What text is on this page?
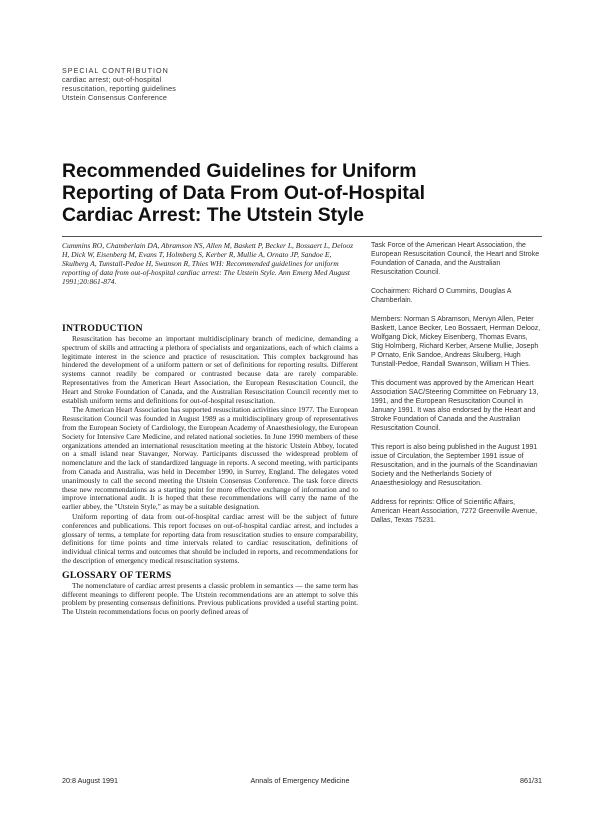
SPECIAL CONTRIBUTION
cardiac arrest; out-of-hospital
resuscitation, reporting guidelines
Utstein Consensus Conference
Recommended Guidelines for Uniform
Reporting of Data From Out-of-Hospital
Cardiac Arrest: The Utstein Style
Cummins RO, Chamberlain DA, Abramson NS, Allen M, Baskett P, Becker L, Bossaert L, Delooz H, Dick W, Eisenberg M, Evans T, Holmberg S, Kerber R, Mullie A, Ornato JP, Sandoe E, Skulberg A, Tunstall-Pedoe H, Swanson R, Thies WH: Recommended guidelines for uniform reporting of data from out-of-hospital cardiac arrest: The Utstein Style. Ann Emerg Med August 1991;20:861-874.
INTRODUCTION

Resuscitation has become an important multidisciplinary branch of medicine, demanding a spectrum of skills and attracting a plethora of specialists and organizations, each of which claims a legitimate interest in the science and practice of resuscitation. This complex background has hindered the development of a uniform pattern or set of definitions for reporting results. Different systems cannot readily be compared or contrasted because data are rarely comparable. Representatives from the American Heart Association, the European Resuscitation Council, the Heart and Stroke Foundation of Canada, and the Australian Resuscitation Council recently met to establish uniform terms and definitions for out-of-hospital resuscitation.

The American Heart Association has supported resuscitation activities since 1977. The European Resuscitation Council was founded in August 1989 as a multidisciplinary group of representatives from the European Society of Cardiology, the European Academy of Anaesthesiology, the European Society for Intensive Care Medicine, and related national societies. In June 1990 members of these organizations attended an international resuscitation meeting at the historic Utstein Abbey, located on a small island near Stavanger, Norway. Participants discussed the widespread problem of nomenclature and the lack of standardized language in reports. A second meeting, with participants from Canada and Australia, was held in December 1990, in Surrey, England. The delegates voted unanimously to call the second meeting the Utstein Consensus Conference. The task force directs these new recommendations as a starting point for more effective exchange of information and to improve international audit. It is hoped that these recommendations will carry the name of the earlier abbey, the "Utstein Style," as may be a suitable designation.

Uniform reporting of data from out-of-hospital cardiac arrest will be the subject of future conferences and publications. This report focuses on out-of-hospital cardiac arrest, and includes a glossary of terms, a template for reporting data from resuscitation studies to ensure comparability, definitions for time points and time intervals related to cardiac resuscitation, definitions of individual clinical terms and outcomes that should be included in reports, and recommendations for the description of emergency medical resuscitation systems.

GLOSSARY OF TERMS

The nomenclature of cardiac arrest presents a classic problem in semantics — the same term has different meanings to different people. The Utstein recommendations are an attempt to solve this problem by presenting consensus definitions. Previous publications provided a useful starting point. The Utstein recommendations focus on poorly defined areas of

Task Force of the American Heart Association, the European Resuscitation Council, the Heart and Stroke Foundation of Canada, and the Australian Resuscitation Council.

Cochairmen: Richard O Cummins, Douglas A Chamberlain.

Members: Norman S Abramson, Mervyn Allen, Peter Baskett, Lance Becker, Leo Bossaert, Herman Delooz, Wolfgang Dick, Mickey Eisenberg, Thomas Evans, Stig Holmberg, Richard Kerber, Arsene Mullie, Joseph P Ornato, Erik Sandoe, Andreas Skulberg, Hugh Tunstall-Pedoe, Randall Swanson, William H Thies.

This document was approved by the American Heart Association SAC/Steering Committee on February 13, 1991, and the European Resuscitation Council in January 1991. It was also endorsed by the Heart and Stroke Foundation of Canada and the Australian Resuscitation Council.

This report is also being published in the August 1991 issue of Circulation, the September 1991 issue of Resuscitation, and in the journals of the Scandinavian Society and the Netherlands Society of Anaesthesiology and Resuscitation.

Address for reprints: Office of Scientific Affairs, American Heart Association, 7272 Greenville Avenue, Dallas, Texas 75231.

20:8 August 1991	Annals of Emergency Medicine	861/31
